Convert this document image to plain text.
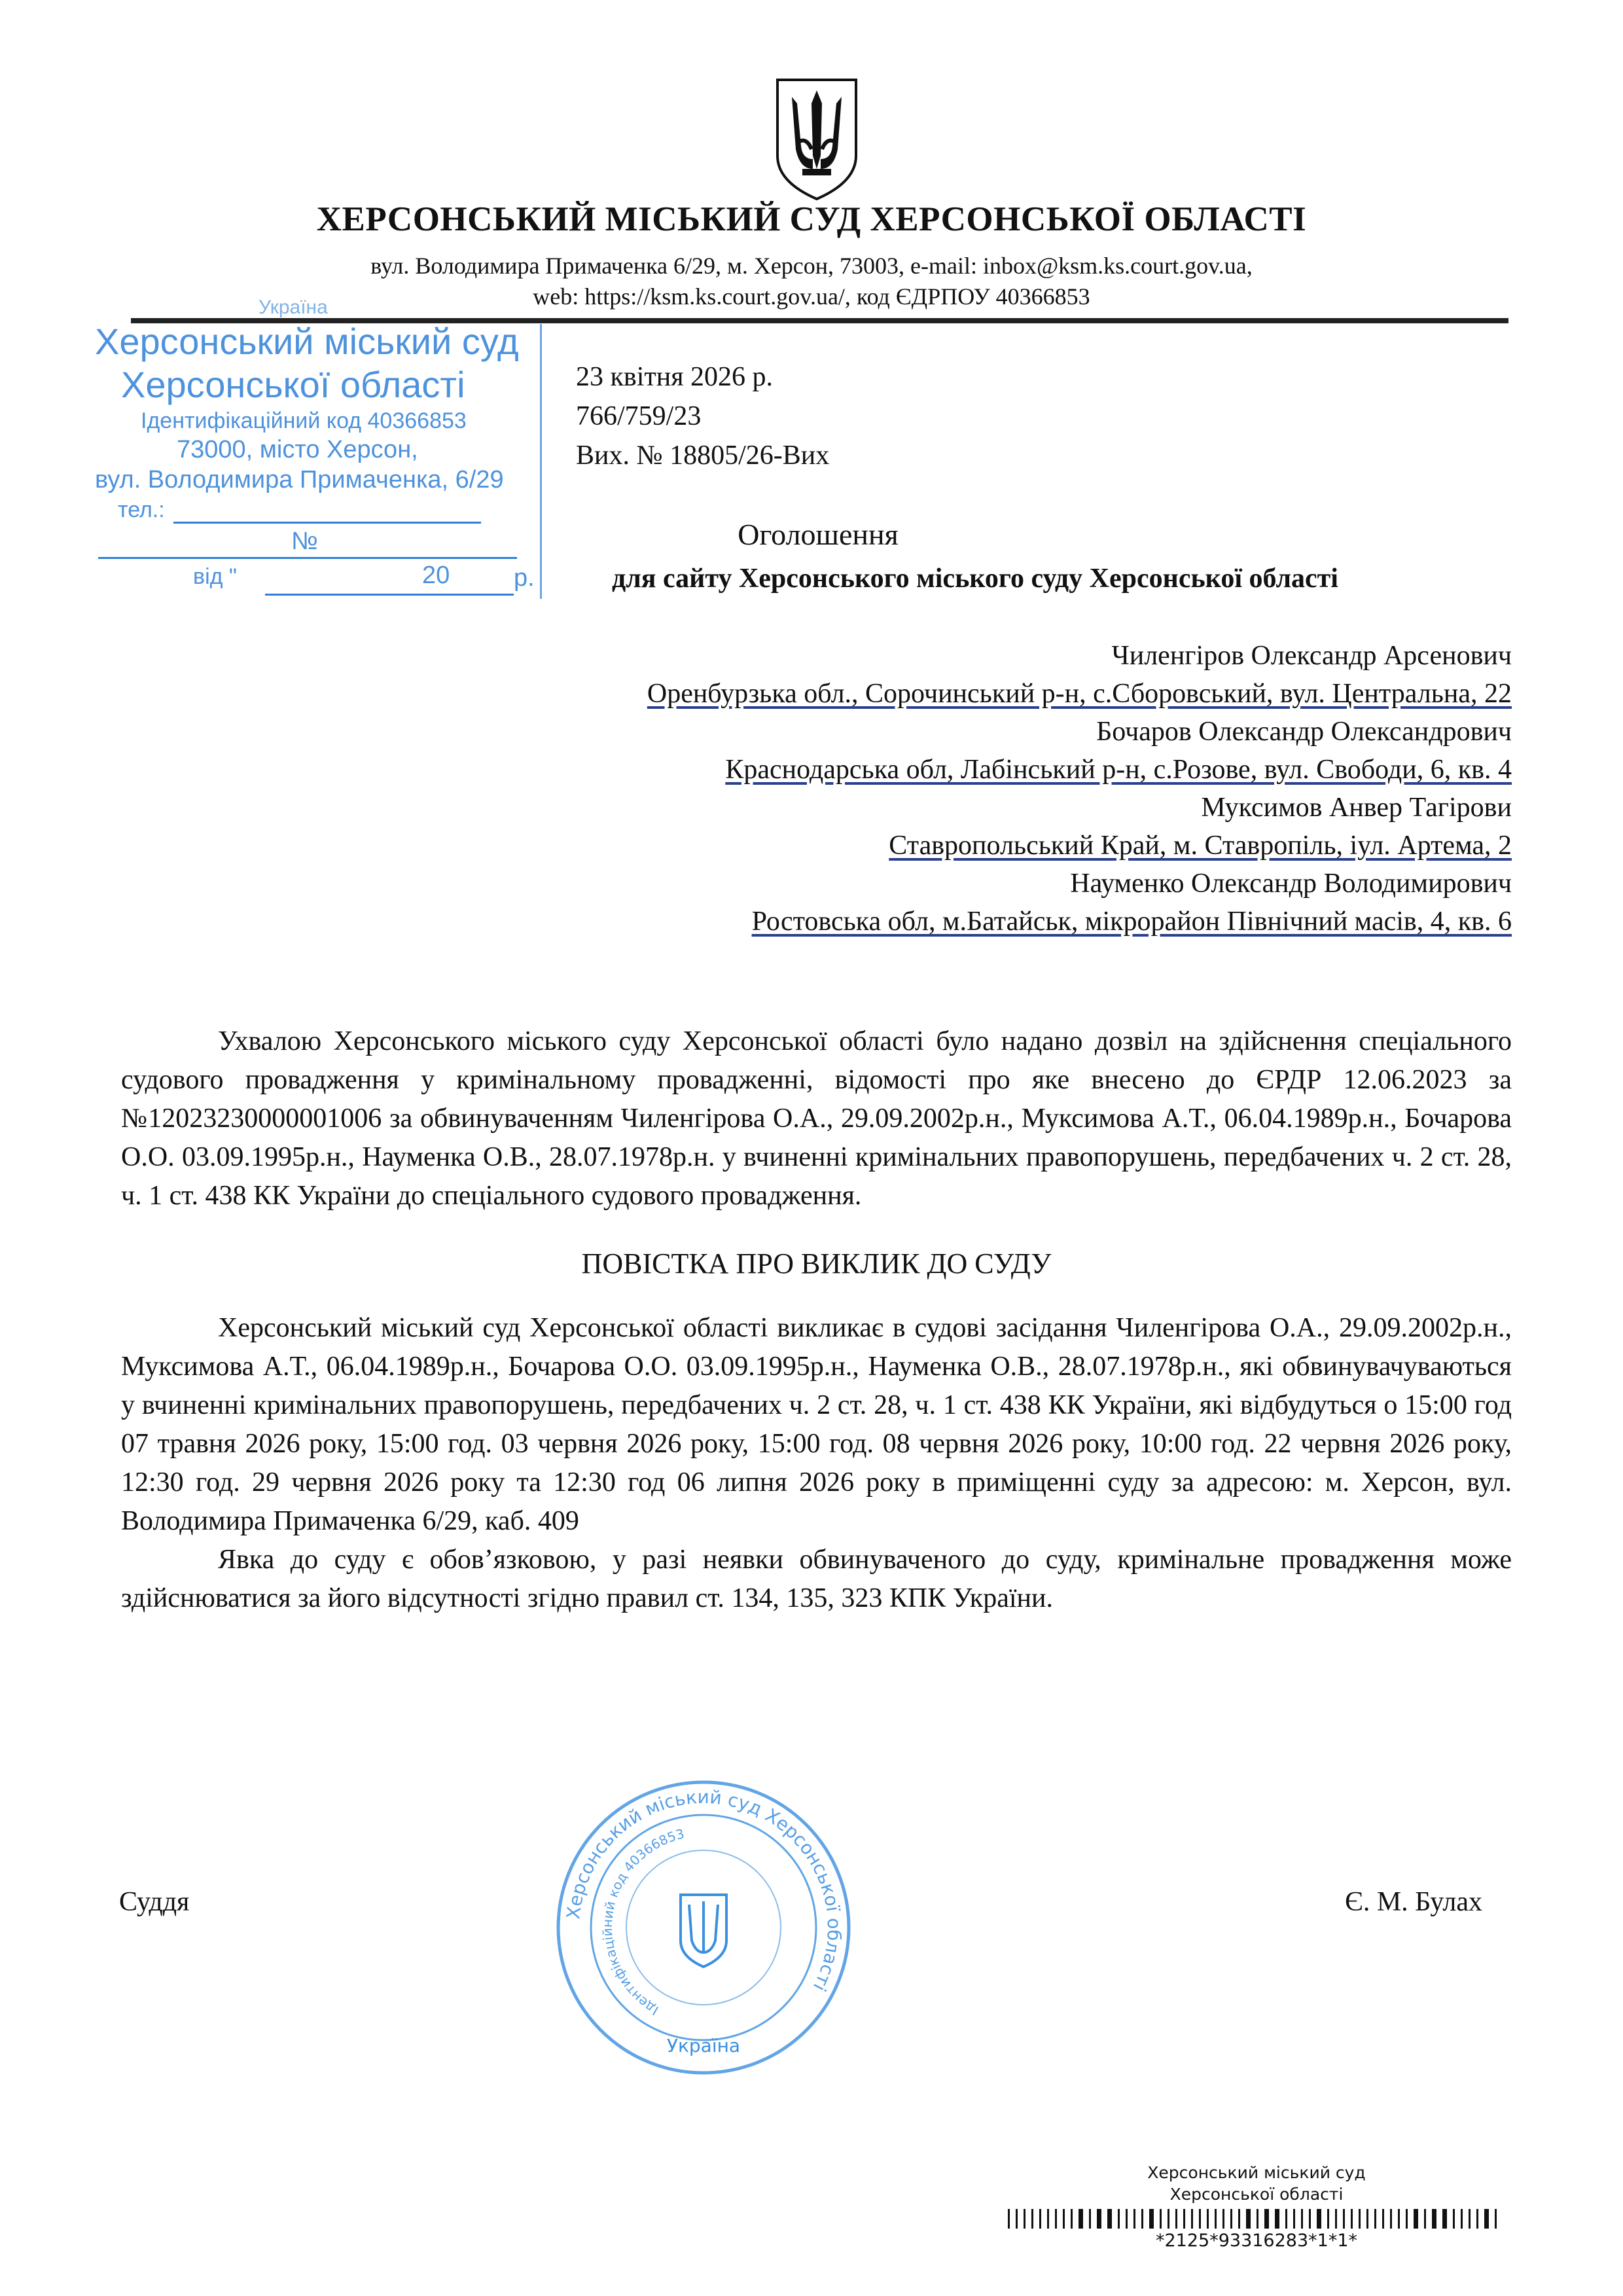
ХЕРСОНСЬКИЙ МІСЬКИЙ СУД ХЕРСОНСЬКОЇ ОБЛАСТІ
вул. Володимира Примаченка 6/29, м. Херсон, 73003, e-mail: inbox@ksm.ks.court.gov.ua,
web: https://ksm.ks.court.gov.ua/, код ЄДРПОУ 40366853
Україна
Херсонський міський суд
Херсонської області
Ідентифікаційний код 40366853
73000, місто Херсон,
вул. Володимира Примаченка, 6/29
тел.:
№
від "	20	р.
23 квітня 2026 р.
766/759/23
Вих. № 18805/26-Вих
Оголошення
для сайту Херсонського міського суду Херсонської області
Чиленгіров Олександр Арсенович
Оренбурзька обл., Сорочинський р-н, с.Сборовський, вул. Центральна, 22
Бочаров Олександр Олександрович
Краснодарська обл, Лабінський р-н, с.Розове, вул. Свободи, 6, кв. 4
Муксимов Анвер Тагірови
Ставропольський Край, м. Ставропіль, іул. Артема, 2
Науменко Олександр Володимирович
Ростовська обл, м.Батайськ, мікрорайон Північний масів, 4, кв. 6

Ухвалою Херсонського міського суду Херсонської області було надано дозвіл на здійснення спеціального судового провадження у кримінальному провадженні, відомості про яке внесено до ЄРДР 12.06.2023 за №12023230000001006 за обвинуваченням Чиленгірова О.А., 29.09.2002р.н., Муксимова А.Т., 06.04.1989р.н., Бочарова О.О. 03.09.1995р.н., Науменка О.В., 28.07.1978р.н. у вчиненні кримінальних правопорушень, передбачених ч. 2 ст. 28, ч. 1 ст. 438 КК України до спеціального судового провадження.

ПОВІСТКА ПРО ВИКЛИК ДО СУДУ

Херсонський міський суд Херсонської області викликає в судові засідання Чиленгірова О.А., 29.09.2002р.н., Муксимова А.Т., 06.04.1989р.н., Бочарова О.О. 03.09.1995р.н., Науменка О.В., 28.07.1978р.н., які обвинувачуваються у вчиненні кримінальних правопорушень, передбачених ч. 2 ст. 28, ч. 1 ст. 438 КК України, які відбудуться о 15:00 год 07 травня 2026 року, 15:00 год. 03 червня 2026 року, 15:00 год. 08 червня 2026 року, 10:00 год. 22 червня 2026 року, 12:30 год. 29 червня 2026 року та 12:30 год 06 липня 2026 року в приміщенні суду за адресою: м. Херсон, вул. Володимира Примаченка 6/29, каб. 409

Явка до суду є обов’язковою, у разі неявки обвинуваченого до суду, кримінальне провадження може здійснюватися за його відсутності згідно правил ст. 134, 135, 323 КПК України.

Суддя	Є. М. Булах
Херсонський міський суд Херсонської області
Ідентифікаційний код 40366853
Україна
Херсонський міський суд
Херсонської області
*2125*93316283*1*1*
